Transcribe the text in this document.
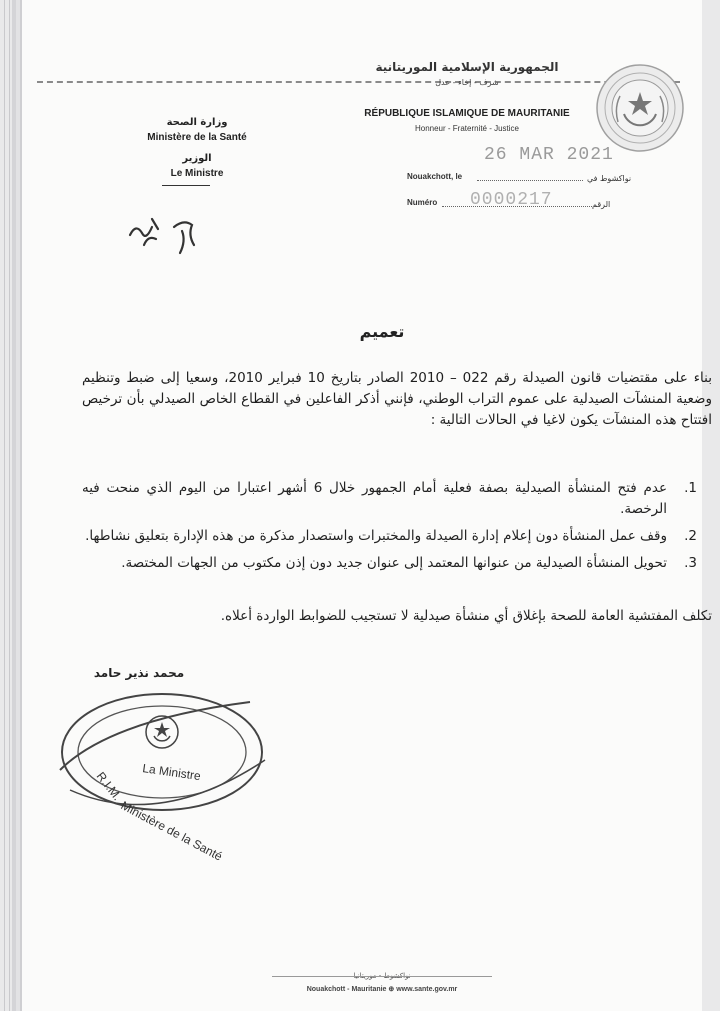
الجمهورية الإسلامية الموريتانية
شرف - إخاء - عدل
RÉPUBLIQUE ISLAMIQUE DE MAURITANIE
Honneur - Fraternité - Justice
وزارة الصحة
Ministère de la Santé
الوزير
Le Ministre
26 MAR 2021
Nouakchott, le	نواكشوط في
Numéro 0000217	الرقم
تعميم

بناء على مقتضيات قانون الصيدلة رقم 022 – 2010 الصادر بتاريخ 10 فبراير 2010، وسعيا إلى ضبط وتنظيم وضعية المنشآت الصيدلية على عموم التراب الوطني، فإنني أذكر الفاعلين في القطاع الخاص الصيدلي بأن ترخيص افتتاح هذه المنشآت يكون لاغيا في الحالات التالية :

1.
عدم فتح المنشأة الصيدلية بصفة فعلية أمام الجمهور خلال 6 أشهر اعتبارا من اليوم الذي منحت فيه الرخصة.
2.
وقف عمل المنشأة دون إعلام إدارة الصيدلة والمختبرات واستصدار مذكرة من هذه الإدارة بتعليق نشاطها.
3.
تحويل المنشأة الصيدلية من عنوانها المعتمد إلى عنوان جديد دون إذن مكتوب من الجهات المختصة.
تكلف المفتشية العامة للصحة بإغلاق أي منشأة صيدلية لا تستجيب للضوابط الواردة أعلاه.
محمد نذير حامد
La Ministre
R.I.M.
Ministère de la Santé
نواكشوط - موريتانيا
Nouakchott - Mauritanie ⊕ www.sante.gov.mr
